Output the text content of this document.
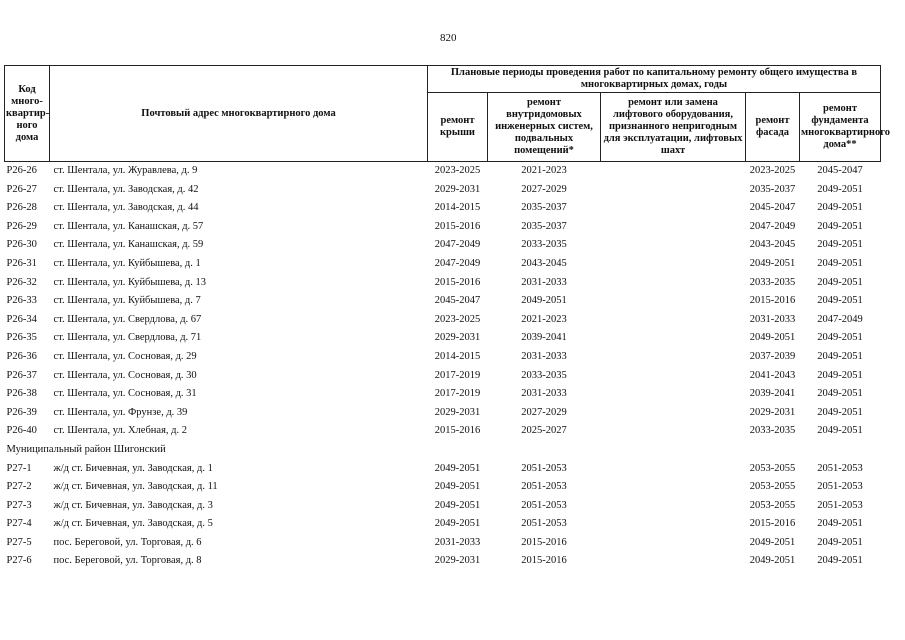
820
Код много-квартир-ного дома	Почтовый адрес многоквартирного дома	Плановые периоды проведения работ по капитальному ремонту общего имущества в многоквартирных домах, годы				
		ремонт крыши	ремонт внутридомовых инженерных систем, подвальных помещений*	ремонт или замена лифтового оборудования, признанного непригодным для эксплуатации, лифтовых шахт	ремонт фасада	ремонт фундамента многоквартирного дома**
Р26-26	ст. Шентала, ул. Журавлева, д. 9	2023-2025	2021-2023		2023-2025	2045-2047
Р26-27	ст. Шентала, ул. Заводская, д. 42	2029-2031	2027-2029		2035-2037	2049-2051
Р26-28	ст. Шентала, ул. Заводская, д. 44	2014-2015	2035-2037		2045-2047	2049-2051
Р26-29	ст. Шентала, ул. Канашская, д. 57	2015-2016	2035-2037		2047-2049	2049-2051
Р26-30	ст. Шентала, ул. Канашская, д. 59	2047-2049	2033-2035		2043-2045	2049-2051
Р26-31	ст. Шентала, ул. Куйбышева, д. 1	2047-2049	2043-2045		2049-2051	2049-2051
Р26-32	ст. Шентала, ул. Куйбышева, д. 13	2015-2016	2031-2033		2033-2035	2049-2051
Р26-33	ст. Шентала, ул. Куйбышева, д. 7	2045-2047	2049-2051		2015-2016	2049-2051
Р26-34	ст. Шентала, ул. Свердлова, д. 67	2023-2025	2021-2023		2031-2033	2047-2049
Р26-35	ст. Шентала, ул. Свердлова, д. 71	2029-2031	2039-2041		2049-2051	2049-2051
Р26-36	ст. Шентала, ул. Сосновая, д. 29	2014-2015	2031-2033		2037-2039	2049-2051
Р26-37	ст. Шентала, ул. Сосновая, д. 30	2017-2019	2033-2035		2041-2043	2049-2051
Р26-38	ст. Шентала, ул. Сосновая, д. 31	2017-2019	2031-2033		2039-2041	2049-2051
Р26-39	ст. Шентала, ул. Фрунзе, д. 39	2029-2031	2027-2029		2029-2031	2049-2051
Р26-40	ст. Шентала, ул. Хлебная, д. 2	2015-2016	2025-2027		2033-2035	2049-2051
Муниципальный район Шигонский						
Р27-1	ж/д ст. Бичевная, ул. Заводская, д. 1	2049-2051	2051-2053		2053-2055	2051-2053
Р27-2	ж/д ст. Бичевная, ул. Заводская, д. 11	2049-2051	2051-2053		2053-2055	2051-2053
Р27-3	ж/д ст. Бичевная, ул. Заводская, д. 3	2049-2051	2051-2053		2053-2055	2051-2053
Р27-4	ж/д ст. Бичевная, ул. Заводская, д. 5	2049-2051	2051-2053		2015-2016	2049-2051
Р27-5	пос. Береговой, ул. Торговая, д. 6	2031-2033	2015-2016		2049-2051	2049-2051
Р27-6	пос. Береговой, ул. Торговая, д. 8	2029-2031	2015-2016		2049-2051	2049-2051
